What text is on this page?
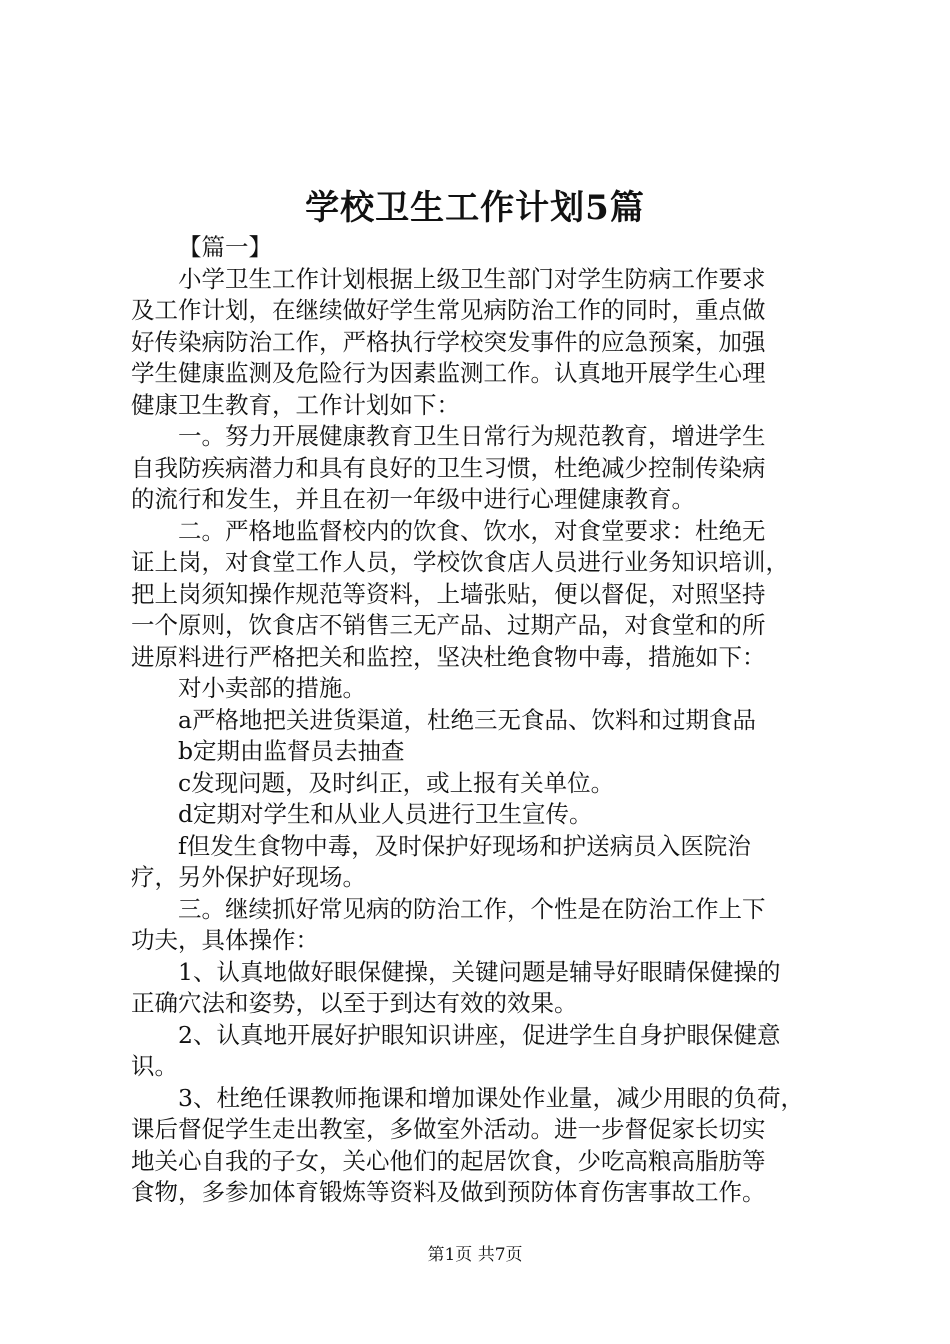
学校卫生工作计划5篇
【篇一】
小学卫生工作计划根据上级卫生部门对学生防病工作要求
及工作计划，在继续做好学生常见病防治工作的同时，重点做
好传染病防治工作，严格执行学校突发事件的应急预案，加强
学生健康监测及危险行为因素监测工作。认真地开展学生心理
健康卫生教育，工作计划如下：
一。努力开展健康教育卫生日常行为规范教育，增进学生
自我防疾病潜力和具有良好的卫生习惯，杜绝减少控制传染病
的流行和发生，并且在初一年级中进行心理健康教育。
二。严格地监督校内的饮食、饮水，对食堂要求：杜绝无
证上岗，对食堂工作人员，学校饮食店人员进行业务知识培训，
把上岗须知操作规范等资料，上墙张贴，便以督促，对照坚持
一个原则，饮食店不销售三无产品、过期产品，对食堂和的所
进原料进行严格把关和监控，坚决杜绝食物中毒，措施如下：
对小卖部的措施。
a严格地把关进货渠道，杜绝三无食品、饮料和过期食品
b定期由监督员去抽查
c发现问题，及时纠正，或上报有关单位。
d定期对学生和从业人员进行卫生宣传。
f但发生食物中毒，及时保护好现场和护送病员入医院治
疗，另外保护好现场。
三。继续抓好常见病的防治工作，个性是在防治工作上下
功夫，具体操作：
1、认真地做好眼保健操，关键问题是辅导好眼睛保健操的
正确穴法和姿势，以至于到达有效的效果。
2、认真地开展好护眼知识讲座，促进学生自身护眼保健意
识。
3、杜绝任课教师拖课和增加课处作业量，减少用眼的负荷，
课后督促学生走出教室，多做室外活动。进一步督促家长切实
地关心自我的子女，关心他们的起居饮食，少吃高粮高脂肪等
食物，多参加体育锻炼等资料及做到预防体育伤害事故工作。
第1页 共7页
